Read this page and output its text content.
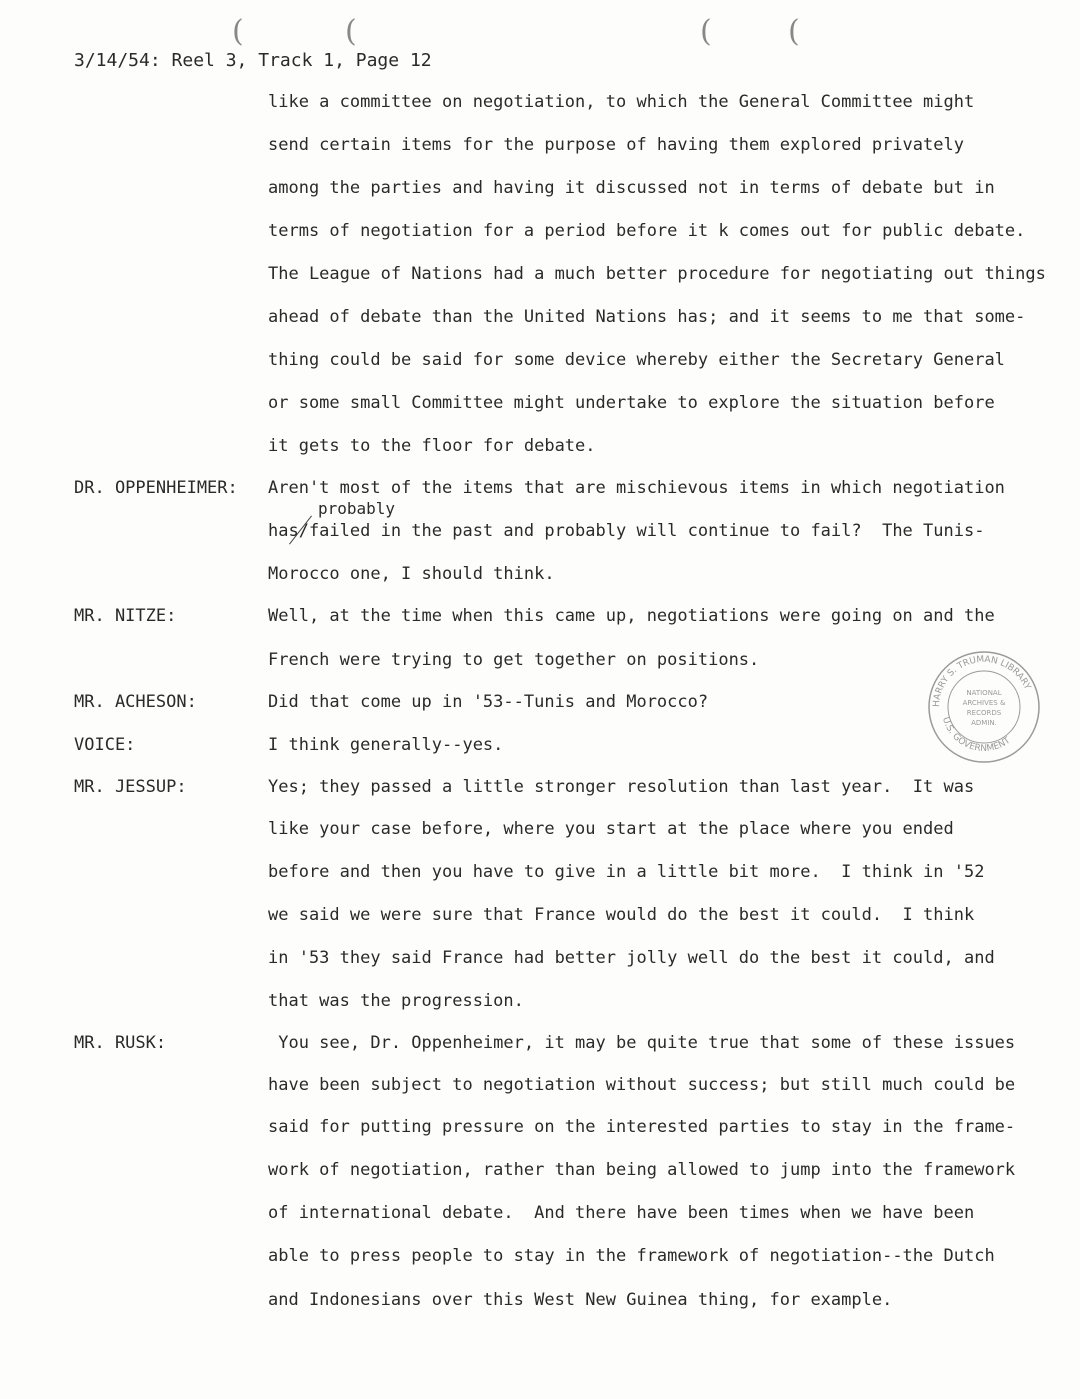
(	(	(	(
3/14/54: Reel 3, Track 1, Page 12
like a committee on negotiation, to which the General Committee might
send certain items for the purpose of having them explored privately
among the parties and having it discussed not in terms of debate but in
terms of negotiation for a period before it k comes out for public debate.
The League of Nations had a much better procedure for negotiating out things
ahead of debate than the United Nations has; and it seems to me that some-
thing could be said for some device whereby either the Secretary General
or some small Committee might undertake to explore the situation before
it gets to the floor for debate.
DR. OPPENHEIMER: Aren't most of the items that are mischievous items in which negotiation
probably
has/failed in the past and probably will continue to fail?  The Tunis-
Morocco one, I should think.
MR. NITZE:	Well, at the time when this came up, negotiations were going on and the
French were trying to get together on positions.
MR. ACHESON:	Did that come up in '53--Tunis and Morocco?
VOICE:	I think generally--yes.
MR. JESSUP:	Yes; they passed a little stronger resolution than last year.  It was
like your case before, where you start at the place where you ended
before and then you have to give in a little bit more.  I think in '52
we said we were sure that France would do the best it could.  I think
in '53 they said France had better jolly well do the best it could, and
that was the progression.
MR. RUSK:	You see, Dr. Oppenheimer, it may be quite true that some of these issues
have been subject to negotiation without success; but still much could be
said for putting pressure on the interested parties to stay in the frame-
work of negotiation, rather than being allowed to jump into the framework
of international debate.  And there have been times when we have been
able to press people to stay in the framework of negotiation--the Dutch
and Indonesians over this West New Guinea thing, for example.
HARRY S. TRUMAN LIBRARY
U.S. GOVERNMENT
NATIONAL
ARCHIVES &
RECORDS
ADMIN.
